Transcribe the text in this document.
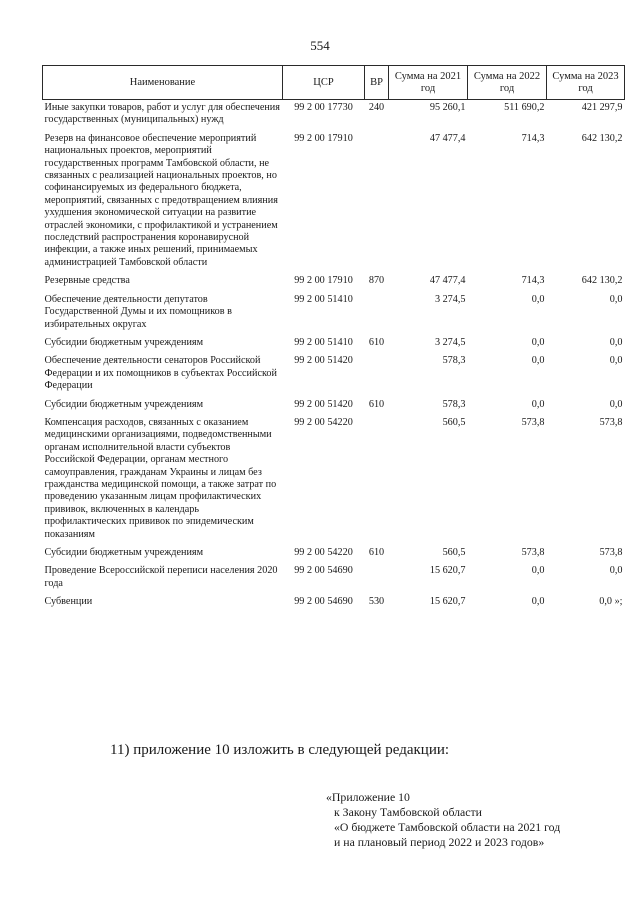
554
Наименование	ЦСР	ВР	Сумма на 2021 год	Сумма на 2022 год	Сумма на 2023 год
Иные закупки товаров, работ и услуг для обеспечения государственных (муниципальных) нужд	99 2 00 17730	240	95 260,1	511 690,2	421 297,9
Резерв на финансовое обеспечение мероприятий национальных проектов, мероприятий государственных программ Тамбовской области, не связанных с реализацией национальных проектов, но софинансируемых из федерального бюджета, мероприятий, связанных с предотвращением влияния ухудшения экономической ситуации на развитие отраслей экономики, с профилактикой и устранением последствий распространения коронавирусной инфекции, а также иных решений, принимаемых администрацией Тамбовской области	99 2 00 17910		47 477,4	714,3	642 130,2
Резервные средства	99 2 00 17910	870	47 477,4	714,3	642 130,2
Обеспечение деятельности депутатов Государственной Думы и их помощников в избирательных округах	99 2 00 51410		3 274,5	0,0	0,0
Субсидии бюджетным учреждениям	99 2 00 51410	610	3 274,5	0,0	0,0
Обеспечение деятельности сенаторов Российской Федерации и их помощников в субъектах Российской Федерации	99 2 00 51420		578,3	0,0	0,0
Субсидии бюджетным учреждениям	99 2 00 51420	610	578,3	0,0	0,0
Компенсация расходов, связанных с оказанием медицинскими организациями, подведомственными органам исполнительной власти субъектов Российской Федерации, органам местного самоуправления, гражданам Украины и лицам без гражданства медицинской помощи, а также затрат по проведению указанным лицам профилактических прививок, включенных в календарь профилактических прививок по эпидемическим показаниям	99 2 00 54220		560,5	573,8	573,8
Субсидии бюджетным учреждениям	99 2 00 54220	610	560,5	573,8	573,8
Проведение Всероссийской переписи населения 2020 года	99 2 00 54690		15 620,7	0,0	0,0
Субвенции	99 2 00 54690	530	15 620,7	0,0	0,0 »;
11) приложение 10 изложить в следующей редакции:
«Приложение 10
к Закону Тамбовской области
«О бюджете Тамбовской области на 2021 год
и на плановый период 2022 и 2023 годов»
